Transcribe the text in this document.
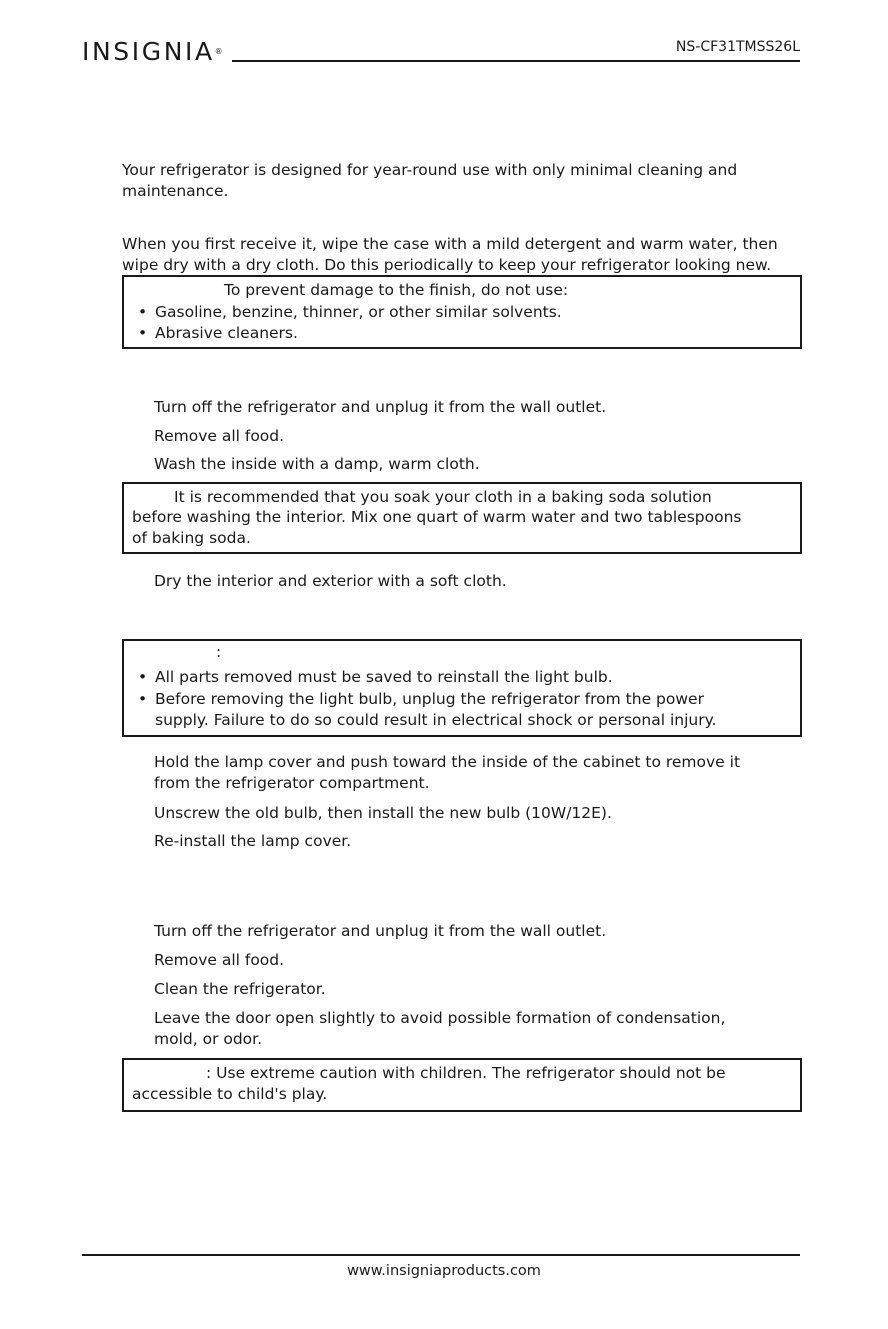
INSIGNIA®	NS-CF31TMSS26L

Your refrigerator is designed for year-round use with only minimal cleaning and maintenance.

When you first receive it, wipe the case with a mild detergent and warm water, then wipe dry with a dry cloth. Do this periodically to keep your refrigerator looking new.

To prevent damage to the finish, do not use:
• Gasoline, benzine, thinner, or other similar solvents.
• Abrasive cleaners.
Turn off the refrigerator and unplug it from the wall outlet.
Remove all food.
Wash the inside with a damp, warm cloth.
It is recommended that you soak your cloth in a baking soda solution
before washing the interior. Mix one quart of warm water and two tablespoons
of baking soda.
Dry the interior and exterior with a soft cloth.
:
• All parts removed must be saved to reinstall the light bulb.
• Before removing the light bulb, unplug the refrigerator from the power
supply. Failure to do so could result in electrical shock or personal injury.
Hold the lamp cover and push toward the inside of the cabinet to remove it
from the refrigerator compartment.
Unscrew the old bulb, then install the new bulb (10W/12E).
Re-install the lamp cover.
Turn off the refrigerator and unplug it from the wall outlet.
Remove all food.
Clean the refrigerator.
Leave the door open slightly to avoid possible formation of condensation,
mold, or odor.
: Use extreme caution with children. The refrigerator should not be
accessible to child's play.
www.insigniaproducts.com
